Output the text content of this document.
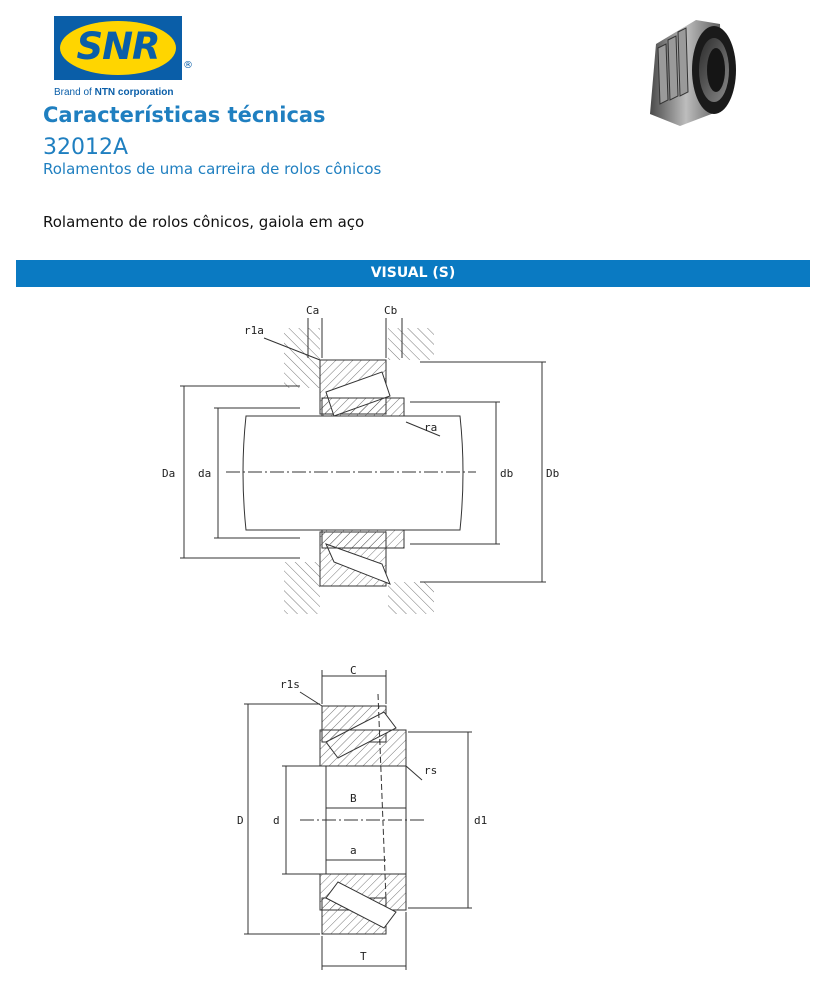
SNR	®
Brand of NTN corporation
Características técnicas
32012A
Rolamentos de uma carreira de rolos cônicos
Rolamento de rolos cônicos, gaiola em aço
VISUAL (S)
Ca	Cb
r1a
ra
Da da	db	Db
C
r1s
rs
D	d	d1
B
a
T
